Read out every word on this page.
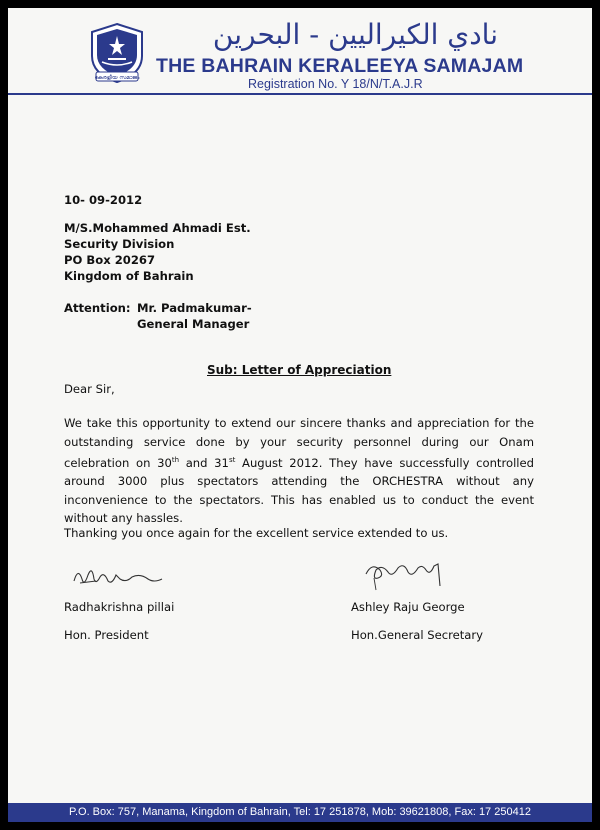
കേരളീയ സമാജം
نادي الكيراليين - البحرين
THE BAHRAIN KERALEEYA SAMAJAM
Registration No. Y 18/N/T.A.J.R
10- 09-2012
M/S.Mohammed Ahmadi Est.
Security Division
PO Box 20267
Kingdom of Bahrain
Attention: Mr. Padmakumar-
General Manager
Sub: Letter of Appreciation
Dear Sir,

We take this opportunity to extend our sincere thanks and appreciation for the outstanding service done by your security personnel during our Onam celebration on 30th and 31st August 2012. They have successfully controlled around 3000 plus spectators attending the ORCHESTRA without any inconvenience to the spectators. This has enabled us to conduct the event without any hassles.

Thanking you once again for the excellent service extended to us.
Radhakrishna pillai
Hon. President
Ashley Raju George
Hon.General Secretary
P.O. Box: 757, Manama, Kingdom of Bahrain, Tel: 17 251878, Mob: 39621808, Fax: 17 250412
